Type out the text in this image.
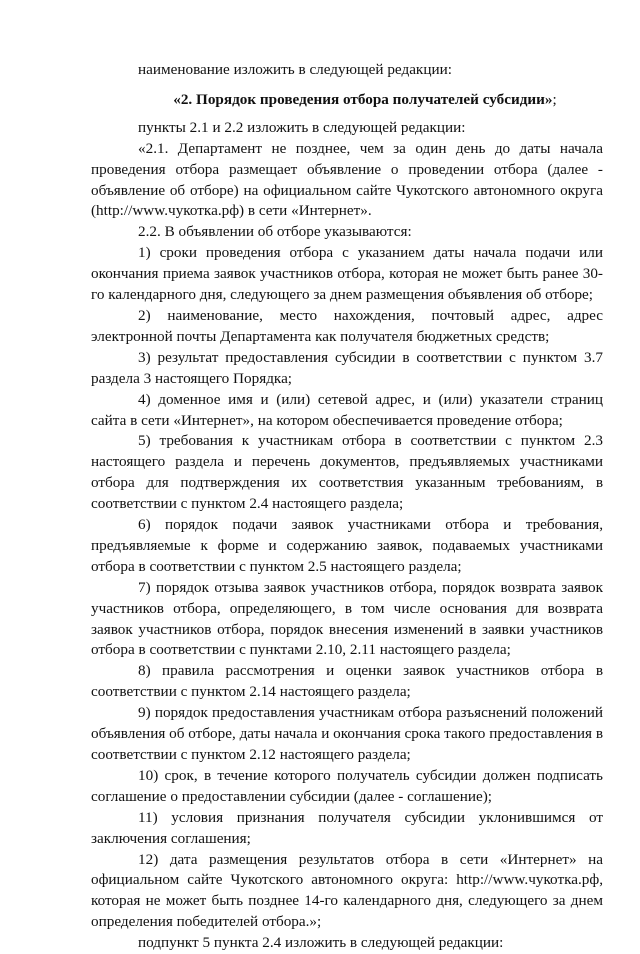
наименование изложить в следующей редакции:

«2. Порядок проведения отбора получателей субсидии»;

пункты 2.1 и 2.2 изложить в следующей редакции:

«2.1. Департамент не позднее, чем за один день до даты начала проведения отбора размещает объявление о проведении отбора (далее - объявление об отборе) на официальном сайте Чукотского автономного округа (http://www.чукотка.рф) в сети «Интернет».

2.2. В объявлении об отборе указываются:

1) сроки проведения отбора с указанием даты начала подачи или окончания приема заявок участников отбора, которая не может быть ранее 30-го календарного дня, следующего за днем размещения объявления об отборе;

2) наименование, место нахождения, почтовый адрес, адрес электронной почты Департамента как получателя бюджетных средств;

3) результат предоставления субсидии в соответствии с пунктом 3.7 раздела 3 настоящего Порядка;

4) доменное имя и (или) сетевой адрес, и (или) указатели страниц сайта в сети «Интернет», на котором обеспечивается проведение отбора;

5) требования к участникам отбора в соответствии с пунктом 2.3 настоящего раздела и перечень документов, предъявляемых участниками отбора для подтверждения их соответствия указанным требованиям, в соответствии с пунктом 2.4 настоящего раздела;

6) порядок подачи заявок участниками отбора и требования, предъявляемые к форме и содержанию заявок, подаваемых участниками отбора в соответствии с пунктом 2.5 настоящего раздела;

7) порядок отзыва заявок участников отбора, порядок возврата заявок участников отбора, определяющего, в том числе основания для возврата заявок участников отбора, порядок внесения изменений в заявки участников отбора в соответствии с пунктами 2.10, 2.11 настоящего раздела;

8) правила рассмотрения и оценки заявок участников отбора в соответствии с пунктом 2.14 настоящего раздела;

9) порядок предоставления участникам отбора разъяснений положений объявления об отборе, даты начала и окончания срока такого предоставления в соответствии с пунктом 2.12 настоящего раздела;

10) срок, в течение которого получатель субсидии должен подписать соглашение о предоставлении субсидии (далее - соглашение);

11) условия признания получателя субсидии уклонившимся от заключения соглашения;

12) дата размещения результатов отбора в сети «Интернет» на официальном сайте Чукотского автономного округа: http://www.чукотка.рф, которая не может быть позднее 14-го календарного дня, следующего за днем определения победителей отбора.»;

подпункт 5 пункта 2.4 изложить в следующей редакции:
